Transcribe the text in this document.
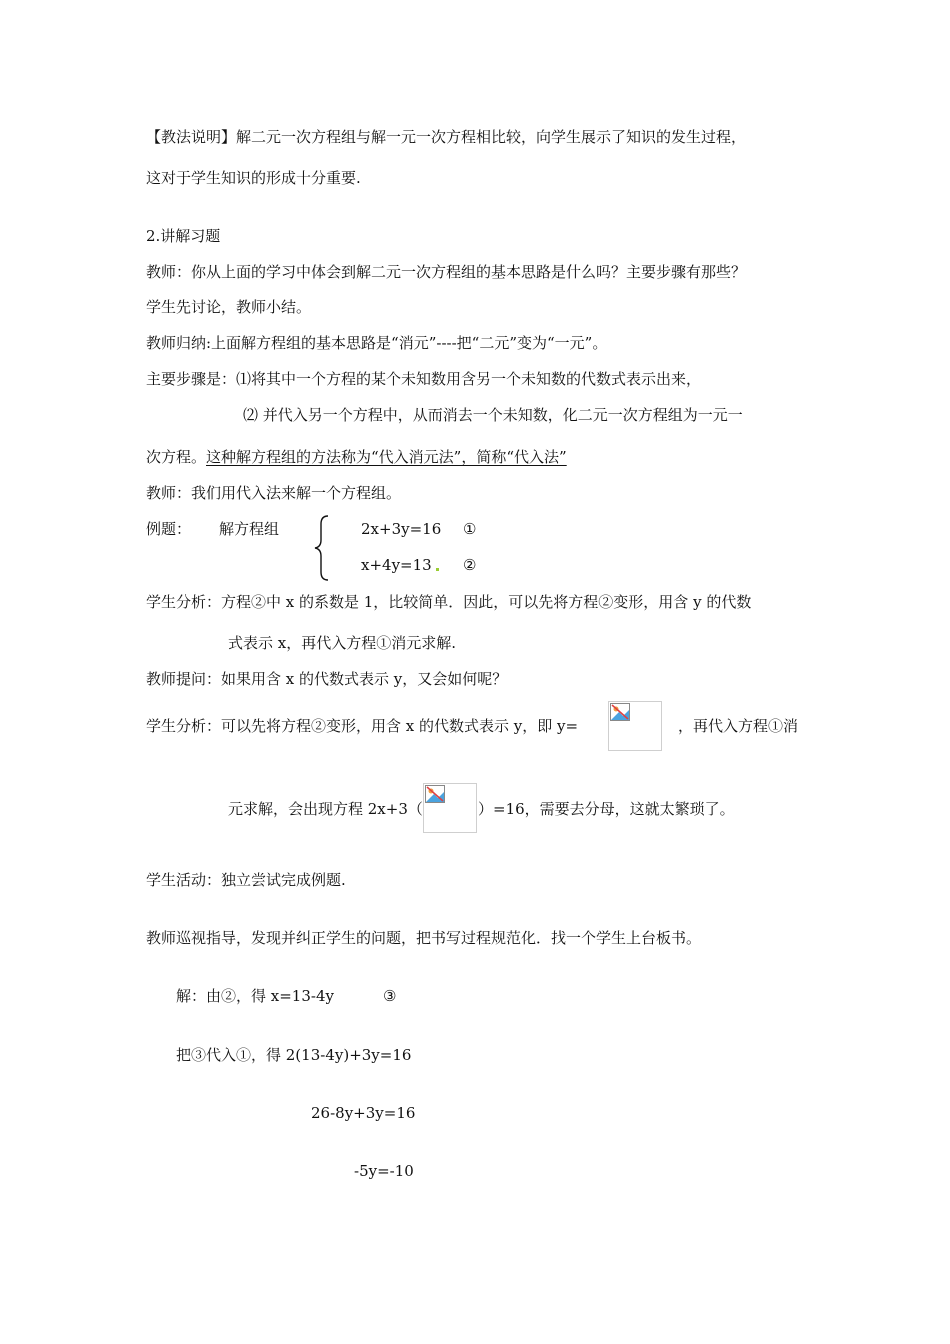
【教法说明】解二元一次方程组与解一元一次方程相比较，向学生展示了知识的发生过程，
这对于学生知识的形成十分重要.
2.讲解习题
教师：你从上面的学习中体会到解二元一次方程组的基本思路是什么吗？主要步骤有那些？
学生先讨论，教师小结。
教师归纳:上面解方程组的基本思路是“消元”----把“二元”变为“一元”。
主要步骤是：⑴将其中一个方程的某个未知数用含另一个未知数的代数式表示出来，
⑵ 并代入另一个方程中，从而消去一个未知数，化二元一次方程组为一元一
次方程。这种解方程组的方法称为“代入消元法”，简称“代入法”
教师：我们用代入法来解一个方程组。
例题： 解方程组	2x+3y=16 ①
x+4y=13 ②
学生分析：方程②中 x 的系数是 1，比较简单．因此，可以先将方程②变形，用含 y 的代数
式表示 x，再代入方程①消元求解.
教师提问：如果用含 x 的代数式表示 y，又会如何呢？
学生分析：可以先将方程②变形，用含 x 的代数式表示 y，即 y=	，再代入方程①消
元求解，会出现方程 2x+3（	）=16，需要去分母，这就太繁琐了。
学生活动：独立尝试完成例题.
教师巡视指导，发现并纠正学生的问题，把书写过程规范化．找一个学生上台板书。
解：由②，得 x=13-4y	③
把③代入①，得 2(13-4y)+3y=16
26-8y+3y=16
-5y=-10
